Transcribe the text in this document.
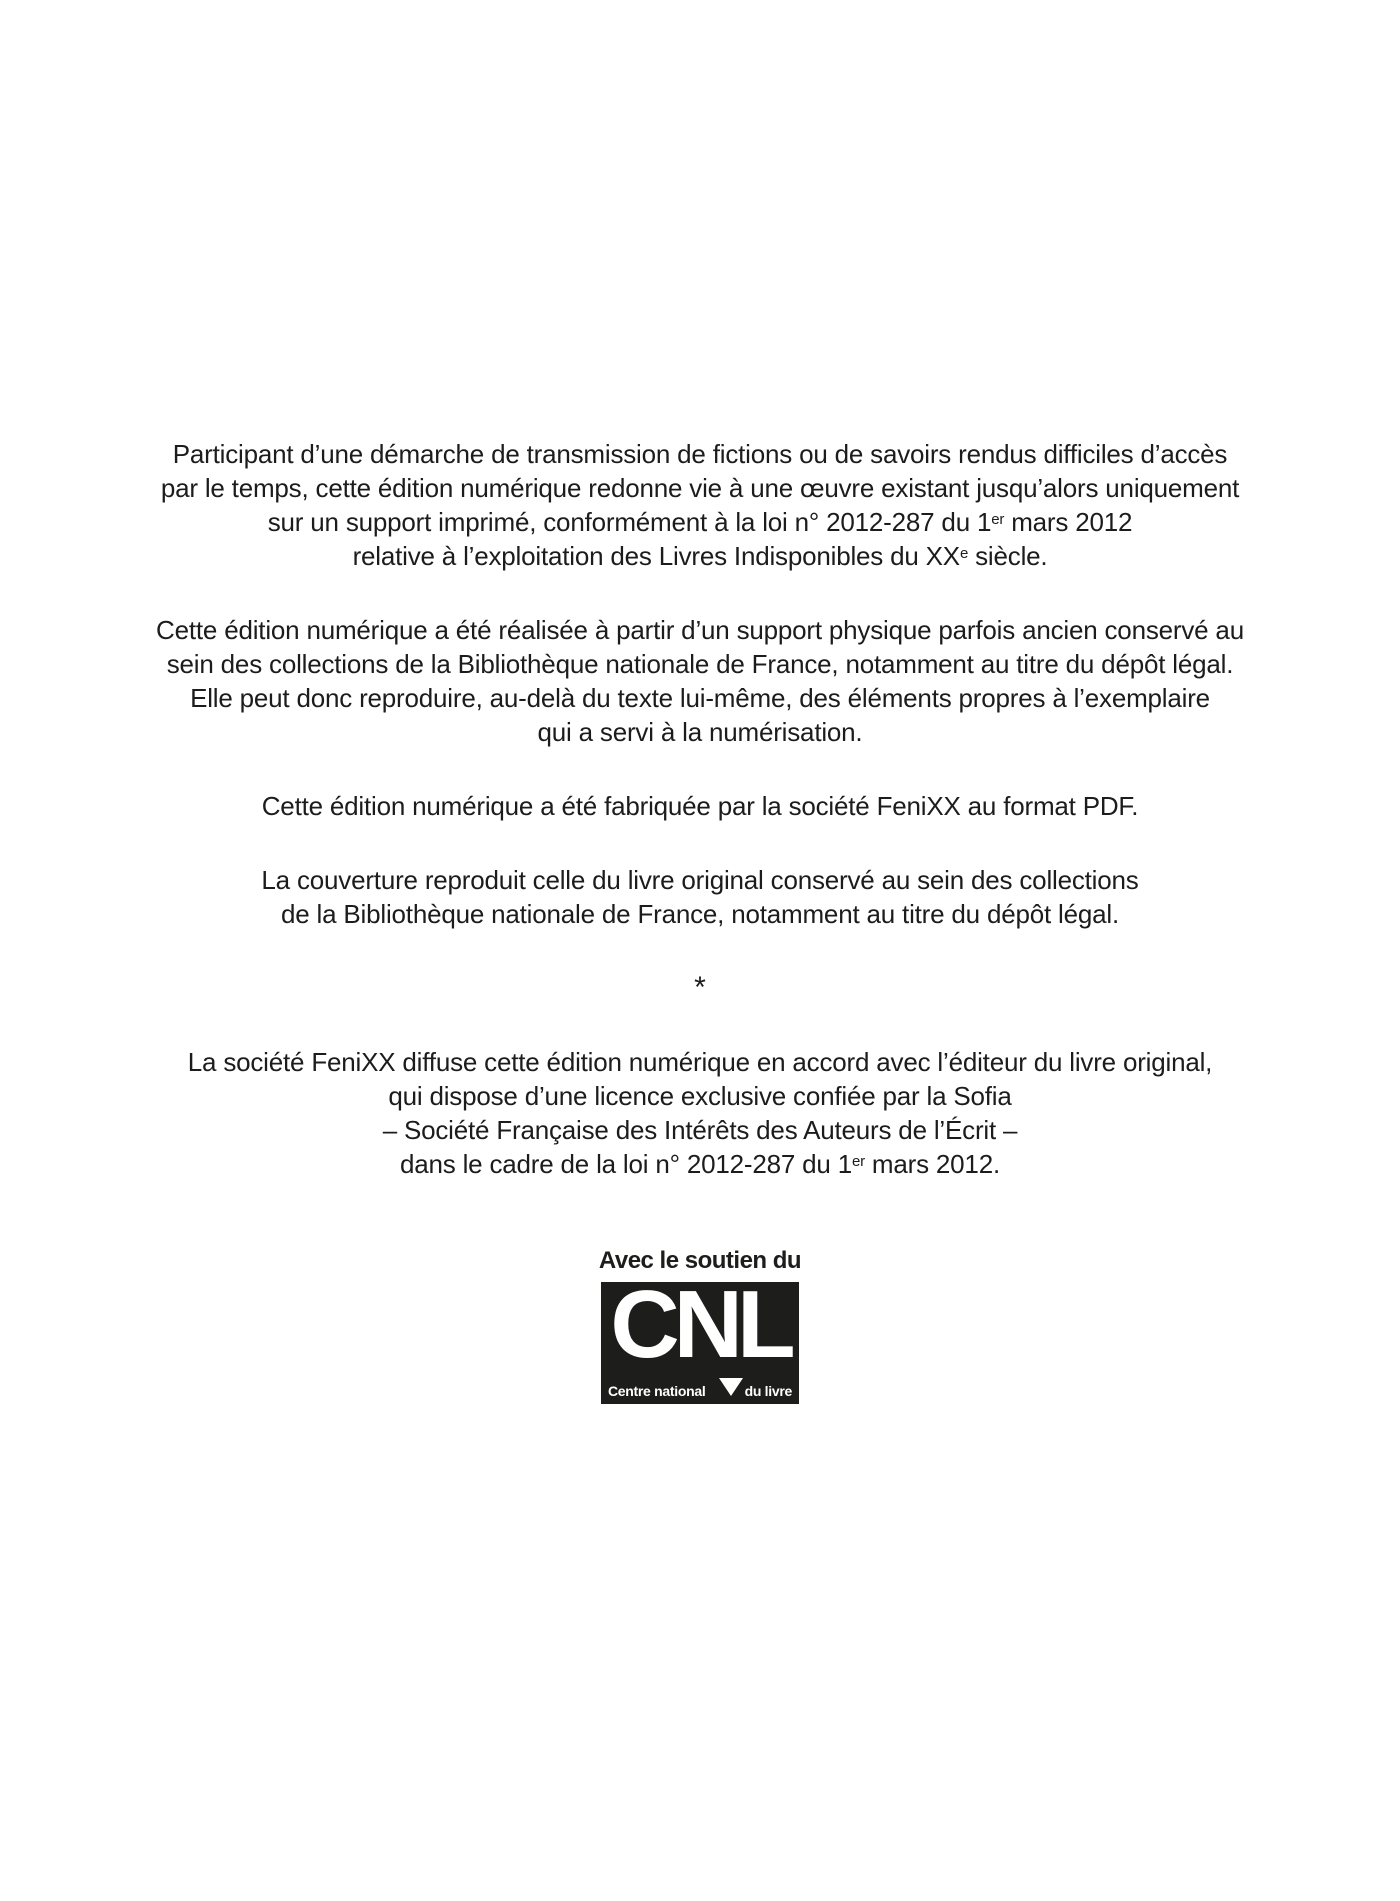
Participant d’une démarche de transmission de fictions ou de savoirs rendus difficiles d’accès
par le temps, cette édition numérique redonne vie à une œuvre existant jusqu’alors uniquement
sur un support imprimé, conformément à la loi n° 2012-287 du 1er mars 2012
relative à l’exploitation des Livres Indisponibles du XXe siècle.

Cette édition numérique a été réalisée à partir d’un support physique parfois ancien conservé au
sein des collections de la Bibliothèque nationale de France, notamment au titre du dépôt légal.
Elle peut donc reproduire, au-delà du texte lui-même, des éléments propres à l’exemplaire
qui a servi à la numérisation.

Cette édition numérique a été fabriquée par la société FeniXX au format PDF.

La couverture reproduit celle du livre original conservé au sein des collections
de la Bibliothèque nationale de France, notamment au titre du dépôt légal.

*

La société FeniXX diffuse cette édition numérique en accord avec l’éditeur du livre original,
qui dispose d’une licence exclusive confiée par la Sofia
– Société Française des Intérêts des Auteurs de l’Écrit –
dans le cadre de la loi n° 2012-287 du 1er mars 2012.

Avec le soutien du
CNL
Centre national	du livre
